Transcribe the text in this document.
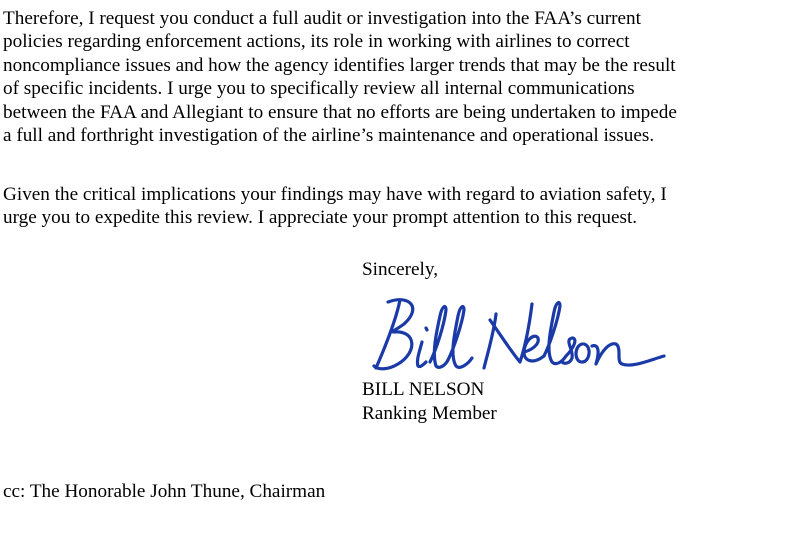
Therefore, I request you conduct a full audit or investigation into the FAA’s current
policies regarding enforcement actions, its role in working with airlines to correct
noncompliance issues and how the agency identifies larger trends that may be the result
of specific incidents. I urge you to specifically review all internal communications
between the FAA and Allegiant to ensure that no efforts are being undertaken to impede
a full and forthright investigation of the airline’s maintenance and operational issues.

Given the critical implications your findings may have with regard to aviation safety, I
urge you to expedite this review. I appreciate your prompt attention to this request.

Sincerely,
Bill Nelson
BILL NELSON
Ranking Member
cc: The Honorable John Thune, Chairman
